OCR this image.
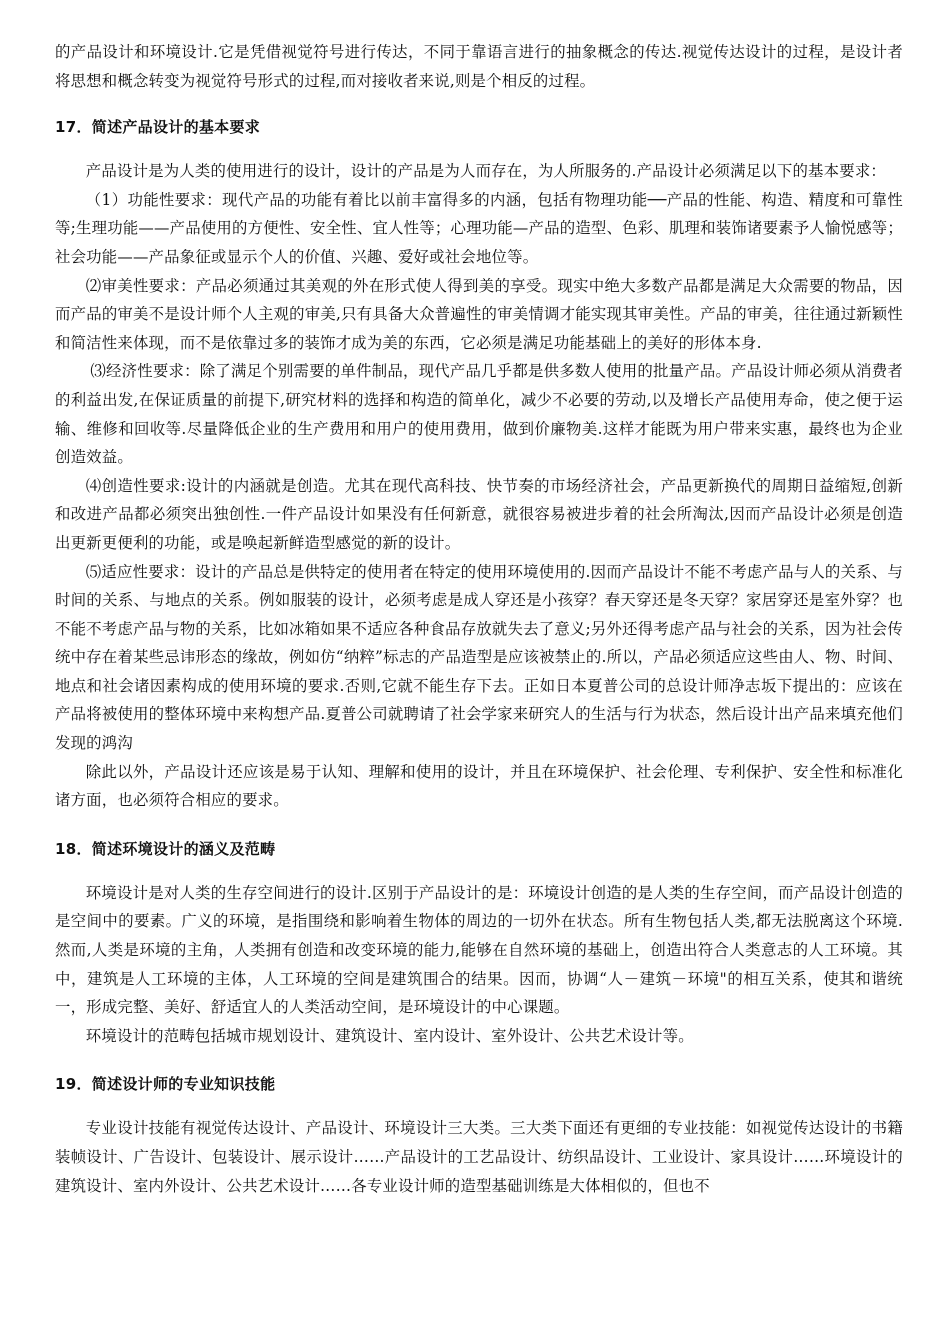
的产品设计和环境设计.它是凭借视觉符号进行传达，不同于靠语言进行的抽象概念的传达.视觉传达设计的过程，是设计者将思想和概念转变为视觉符号形式的过程,而对接收者来说,则是个相反的过程。

17．简述产品设计的基本要求

产品设计是为人类的使用进行的设计，设计的产品是为人而存在，为人所服务的.产品设计必须满足以下的基本要求：

（1）功能性要求：现代产品的功能有着比以前丰富得多的内涵，包括有物理功能──产品的性能、构造、精度和可靠性等;生理功能——产品使用的方便性、安全性、宜人性等；心理功能—产品的造型、色彩、肌理和装饰诸要素予人愉悦感等；社会功能——产品象征或显示个人的价值、兴趣、爱好或社会地位等。

⑵审美性要求：产品必须通过其美观的外在形式使人得到美的享受。现实中绝大多数产品都是满足大众需要的物品，因而产品的审美不是设计师个人主观的审美,只有具备大众普遍性的审美情调才能实现其审美性。产品的审美，往往通过新颖性和简洁性来体现，而不是依靠过多的装饰才成为美的东西，它必须是满足功能基础上的美好的形体本身.

⑶经济性要求：除了满足个别需要的单件制品，现代产品几乎都是供多数人使用的批量产品。产品设计师必须从消费者的利益出发,在保证质量的前提下,研究材料的选择和构造的简单化，减少不必要的劳动,以及增长产品使用寿命，使之便于运输、维修和回收等.尽量降低企业的生产费用和用户的使用费用，做到价廉物美.这样才能既为用户带来实惠，最终也为企业创造效益。

⑷创造性要求:设计的内涵就是创造。尤其在现代高科技、快节奏的市场经济社会，产品更新换代的周期日益缩短,创新和改进产品都必须突出独创性.一件产品设计如果没有任何新意，就很容易被进步着的社会所淘汰,因而产品设计必须是创造出更新更便利的功能，或是唤起新鲜造型感觉的新的设计。

⑸适应性要求：设计的产品总是供特定的使用者在特定的使用环境使用的.因而产品设计不能不考虑产品与人的关系、与时间的关系、与地点的关系。例如服装的设计，必须考虑是成人穿还是小孩穿？春天穿还是冬天穿？家居穿还是室外穿？也不能不考虑产品与物的关系，比如冰箱如果不适应各种食品存放就失去了意义;另外还得考虑产品与社会的关系，因为社会传统中存在着某些忌讳形态的缘故，例如仿“纳粹”标志的产品造型是应该被禁止的.所以，产品必须适应这些由人、物、时间、地点和社会诸因素构成的使用环境的要求.否则,它就不能生存下去。正如日本夏普公司的总设计师净志坂下提出的：应该在产品将被使用的整体环境中来构想产品.夏普公司就聘请了社会学家来研究人的生活与行为状态，然后设计出产品来填充他们发现的鸿沟

除此以外，产品设计还应该是易于认知、理解和使用的设计，并且在环境保护、社会伦理、专利保护、安全性和标准化诸方面，也必须符合相应的要求。

18．简述环境设计的涵义及范畴

环境设计是对人类的生存空间进行的设计.区别于产品设计的是：环境设计创造的是人类的生存空间，而产品设计创造的是空间中的要素。广义的环境，是指围绕和影响着生物体的周边的一切外在状态。所有生物包括人类,都无法脱离这个环境.然而,人类是环境的主角，人类拥有创造和改变环境的能力,能够在自然环境的基础上，创造出符合人类意志的人工环境。其中，建筑是人工环境的主体，人工环境的空间是建筑围合的结果。因而，协调“人－建筑－环境"的相互关系，使其和谐统一，形成完整、美好、舒适宜人的人类活动空间，是环境设计的中心课题。

环境设计的范畴包括城市规划设计、建筑设计、室内设计、室外设计、公共艺术设计等。

19．简述设计师的专业知识技能

专业设计技能有视觉传达设计、产品设计、环境设计三大类。三大类下面还有更细的专业技能：如视觉传达设计的书籍装帧设计、广告设计、包装设计、展示设计……产品设计的工艺品设计、纺织品设计、工业设计、家具设计……环境设计的建筑设计、室内外设计、公共艺术设计……各专业设计师的造型基础训练是大体相似的，但也不
